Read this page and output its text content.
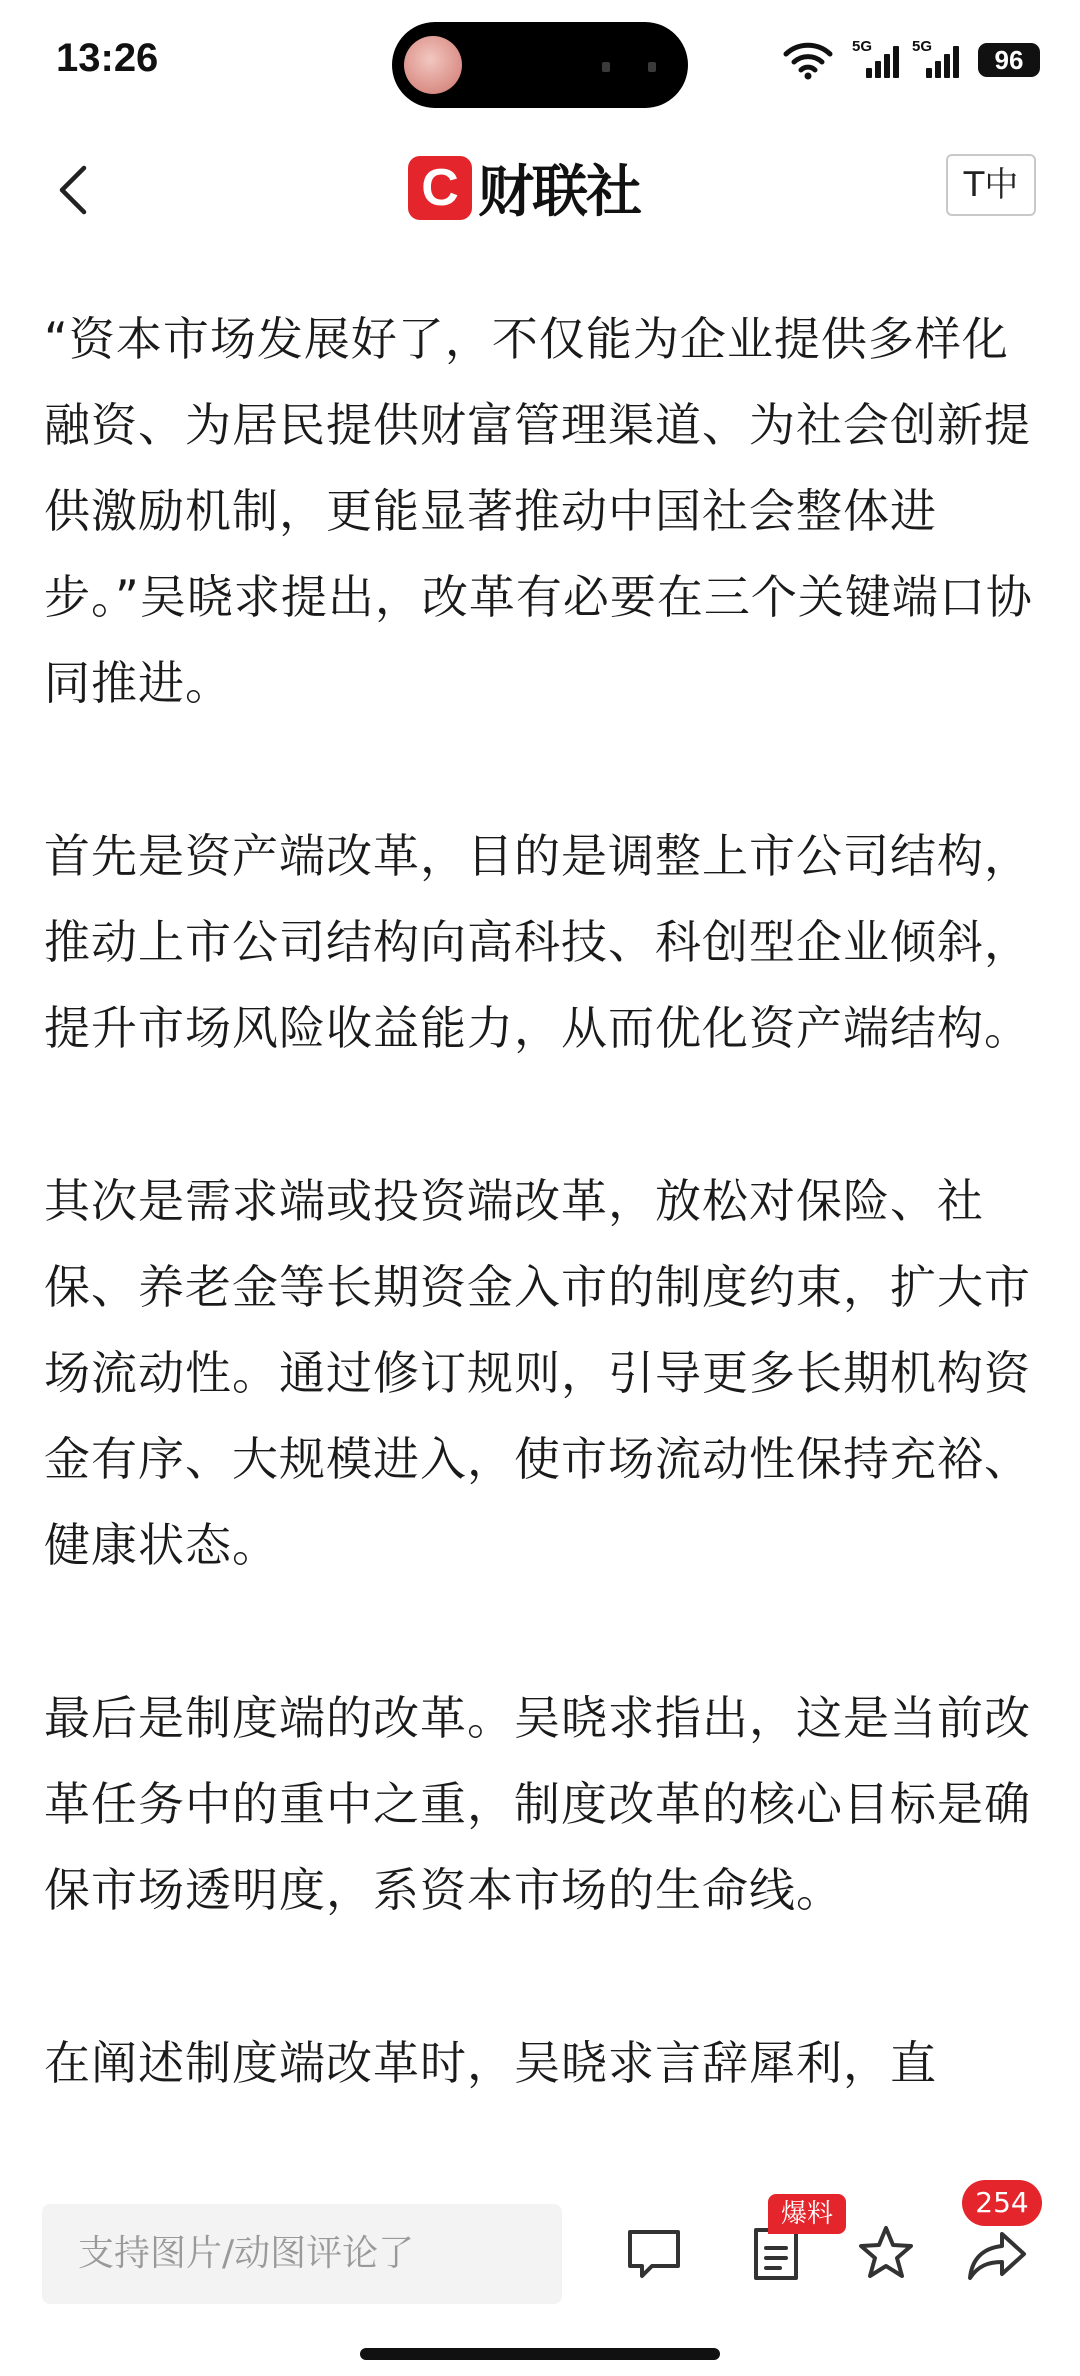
13:26	5G	5G	96
C 财联社	T中

“资本市场发展好了，不仅能为企业提供多样化融资、为居民提供财富管理渠道、为社会创新提供激励机制，更能显著推动中国社会整体进步。”吴晓求提出，改革有必要在三个关键端口协同推进。

首先是资产端改革，目的是调整上市公司结构，推动上市公司结构向高科技、科创型企业倾斜，提升市场风险收益能力，从而优化资产端结构。

其次是需求端或投资端改革，放松对保险、社保、养老金等长期资金入市的制度约束，扩大市场流动性。通过修订规则，引导更多长期机构资金有序、大规模进入，使市场流动性保持充裕、健康状态。

最后是制度端的改革。吴晓求指出，这是当前改革任务中的重中之重，制度改革的核心目标是确保市场透明度，系资本市场的生命线。

在阐述制度端改革时，吴晓求言辞犀利，直

支持图片/动图评论了
爆料	254
